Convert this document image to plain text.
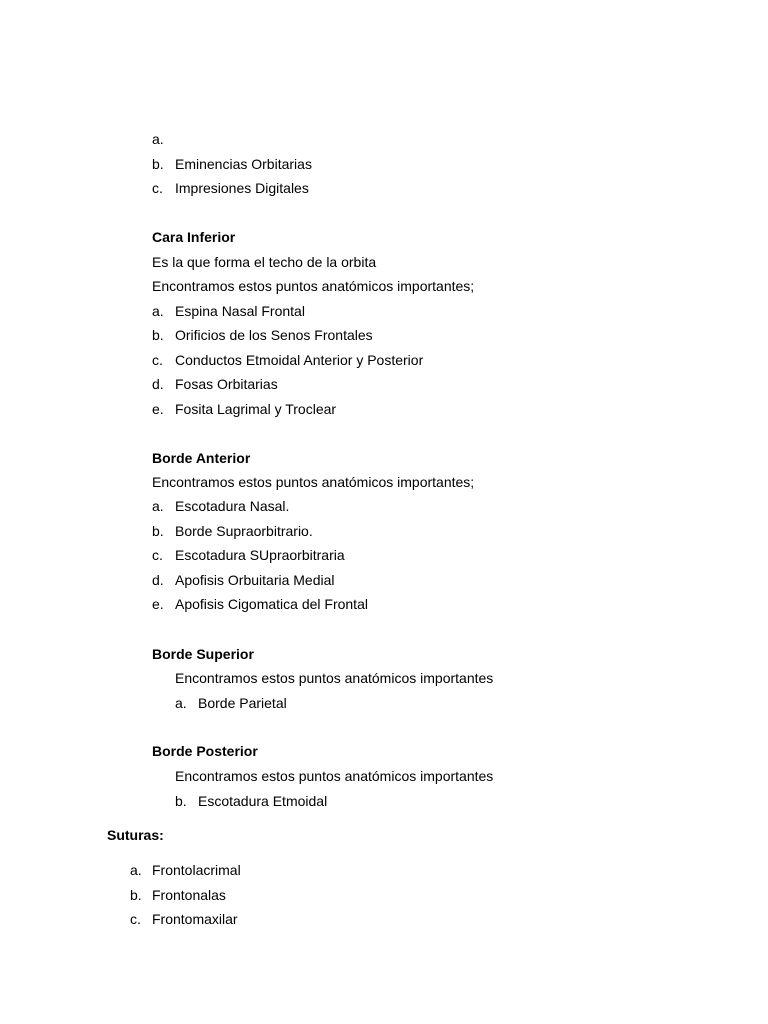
a.
b. Eminencias Orbitarias
c. Impresiones Digitales
Cara Inferior
Es la que forma el techo de la orbita
Encontramos estos puntos anatómicos importantes;
a. Espina Nasal Frontal
b. Orificios de los Senos Frontales
c. Conductos Etmoidal Anterior y Posterior
d. Fosas Orbitarias
e. Fosita Lagrimal y Troclear
Borde Anterior
Encontramos estos puntos anatómicos importantes;
a. Escotadura Nasal.
b. Borde Supraorbitrario.
c. Escotadura SUpraorbitraria
d. Apofisis Orbuitaria Medial
e. Apofisis Cigomatica del Frontal
Borde Superior
Encontramos estos puntos anatómicos importantes
a. Borde Parietal
Borde Posterior
Encontramos estos puntos anatómicos importantes
b. Escotadura Etmoidal
Suturas:
a. Frontolacrimal
b. Frontonalas
c. Frontomaxilar
